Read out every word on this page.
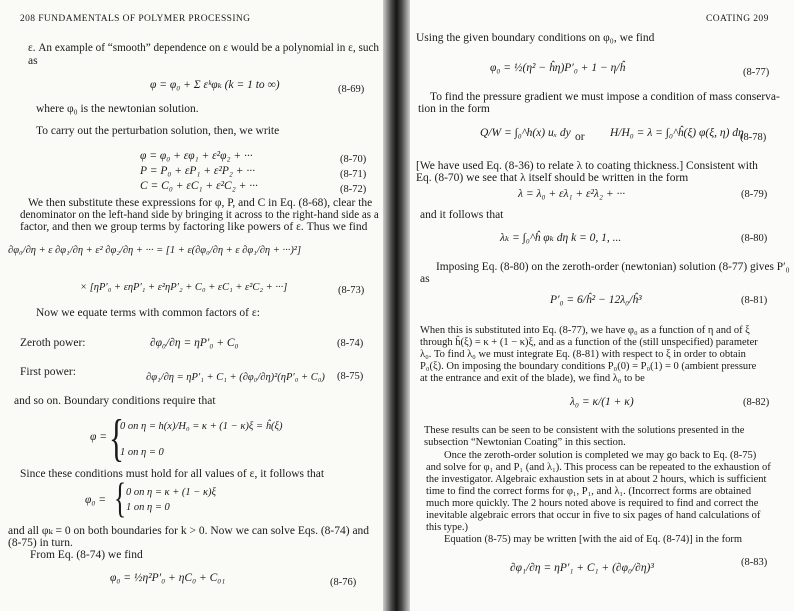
208 FUNDAMENTALS OF POLYMER PROCESSING
ε. An example of “smooth” dependence on ε would be a polynomial in ε, such
as
φ = φ₀ + Σ εᵏφₖ (k = 1 to ∞)	(8-69)
where φ₀ is the newtonian solution.
To carry out the perturbation solution, then, we write
φ = φ₀ + εφ₁ + ε²φ₂ + ···	(8-70)
P = P₀ + εP₁ + ε²P₂ + ···	(8-71)
C = C₀ + εC₁ + ε²C₂ + ···	(8-72)
We then substitute these expressions for φ, P, and C in Eq. (8-68), clear the
denominator on the left-hand side by bringing it across to the right-hand side as a
factor, and then we group terms by factoring like powers of ε. Thus we find
∂φ₀/∂η + ε ∂φ₁/∂η + ε² ∂φ₂/∂η + ··· = [1 + ε(∂φ₀/∂η + ε ∂φ₁/∂η + ···)²]
× [ηP′₀ + εηP′₁ + ε²ηP′₂ + C₀ + εC₁ + ε²C₂ + ···]	(8-73)
Now we equate terms with common factors of ε:
Zeroth power:	∂φ₀/∂η = ηP′₀ + C₀	(8-74)
First power:	∂φ₁/∂η = ηP′₁ + C₁ + (∂φ₀/∂η)²(ηP′₀ + C₀) (8-75)
and so on. Boundary conditions require that
φ = {
0 on η = h(x)/H₀ = κ + (1 − κ)ξ = ĥ(ξ)
1 on η = 0
Since these conditions must hold for all values of ε, it follows that
φ₀ = { 0 on η = κ + (1 − κ)ξ
1 on η = 0
and all φₖ = 0 on both boundaries for k > 0. Now we can solve Eqs. (8-74) and
(8-75) in turn.
From Eq. (8-74) we find
φ₀ = ½η²P′₀ + ηC₀ + C₀₁	(8-76)
COATING 209
Using the given boundary conditions on φ₀, we find
φ₀ = ½(η² − ĥη)P′₀ + 1 − η/ĥ	(8-77)
To find the pressure gradient we must impose a condition of mass conserva-
tion in the form
Q/W = ∫₀^h(x) uₓ dy or H/H₀ = λ = ∫₀^ĥ(ξ) φ(ξ, η) dη
(8-78)
[We have used Eq. (8-36) to relate λ to coating thickness.] Consistent with
Eq. (8-70) we see that λ itself should be written in the form
λ = λ₀ + ελ₁ + ε²λ₂ + ···	(8-79)
and it follows that
λₖ = ∫₀^ĥ φₖ dη k = 0, 1, ...	(8-80)
Imposing Eq. (8-80) on the zeroth-order (newtonian) solution (8-77) gives P′₀
as
P′₀ = 6/ĥ² − 12λ₀/ĥ³	(8-81)
When this is substituted into Eq. (8-77), we have φ₀ as a function of η and of ξ
through ĥ(ξ) = κ + (1 − κ)ξ, and as a function of the (still unspecified) parameter
λ₀. To find λ₀ we must integrate Eq. (8-81) with respect to ξ in order to obtain
P₀(ξ). On imposing the boundary conditions P₀(0) = P₀(1) = 0 (ambient pressure
at the entrance and exit of the blade), we find λ₀ to be
λ₀ = κ/(1 + κ)	(8-82)
These results can be seen to be consistent with the solutions presented in the
subsection “Newtonian Coating” in this section.
Once the zeroth-order solution is completed we may go back to Eq. (8-75)
and solve for φ₁ and P₁ (and λ₁). This process can be repeated to the exhaustion of
the investigator. Algebraic exhaustion sets in at about 2 hours, which is sufficient
time to find the correct forms for φ₁, P₁, and λ₁. (Incorrect forms are obtained
much more quickly. The 2 hours noted above is required to find and correct the
inevitable algebraic errors that occur in five to six pages of hand calculations of
this type.)
Equation (8-75) may be written [with the aid of Eq. (8-74)] in the form
∂φ₁/∂η = ηP′₁ + C₁ + (∂φ₀/∂η)³	(8-83)
